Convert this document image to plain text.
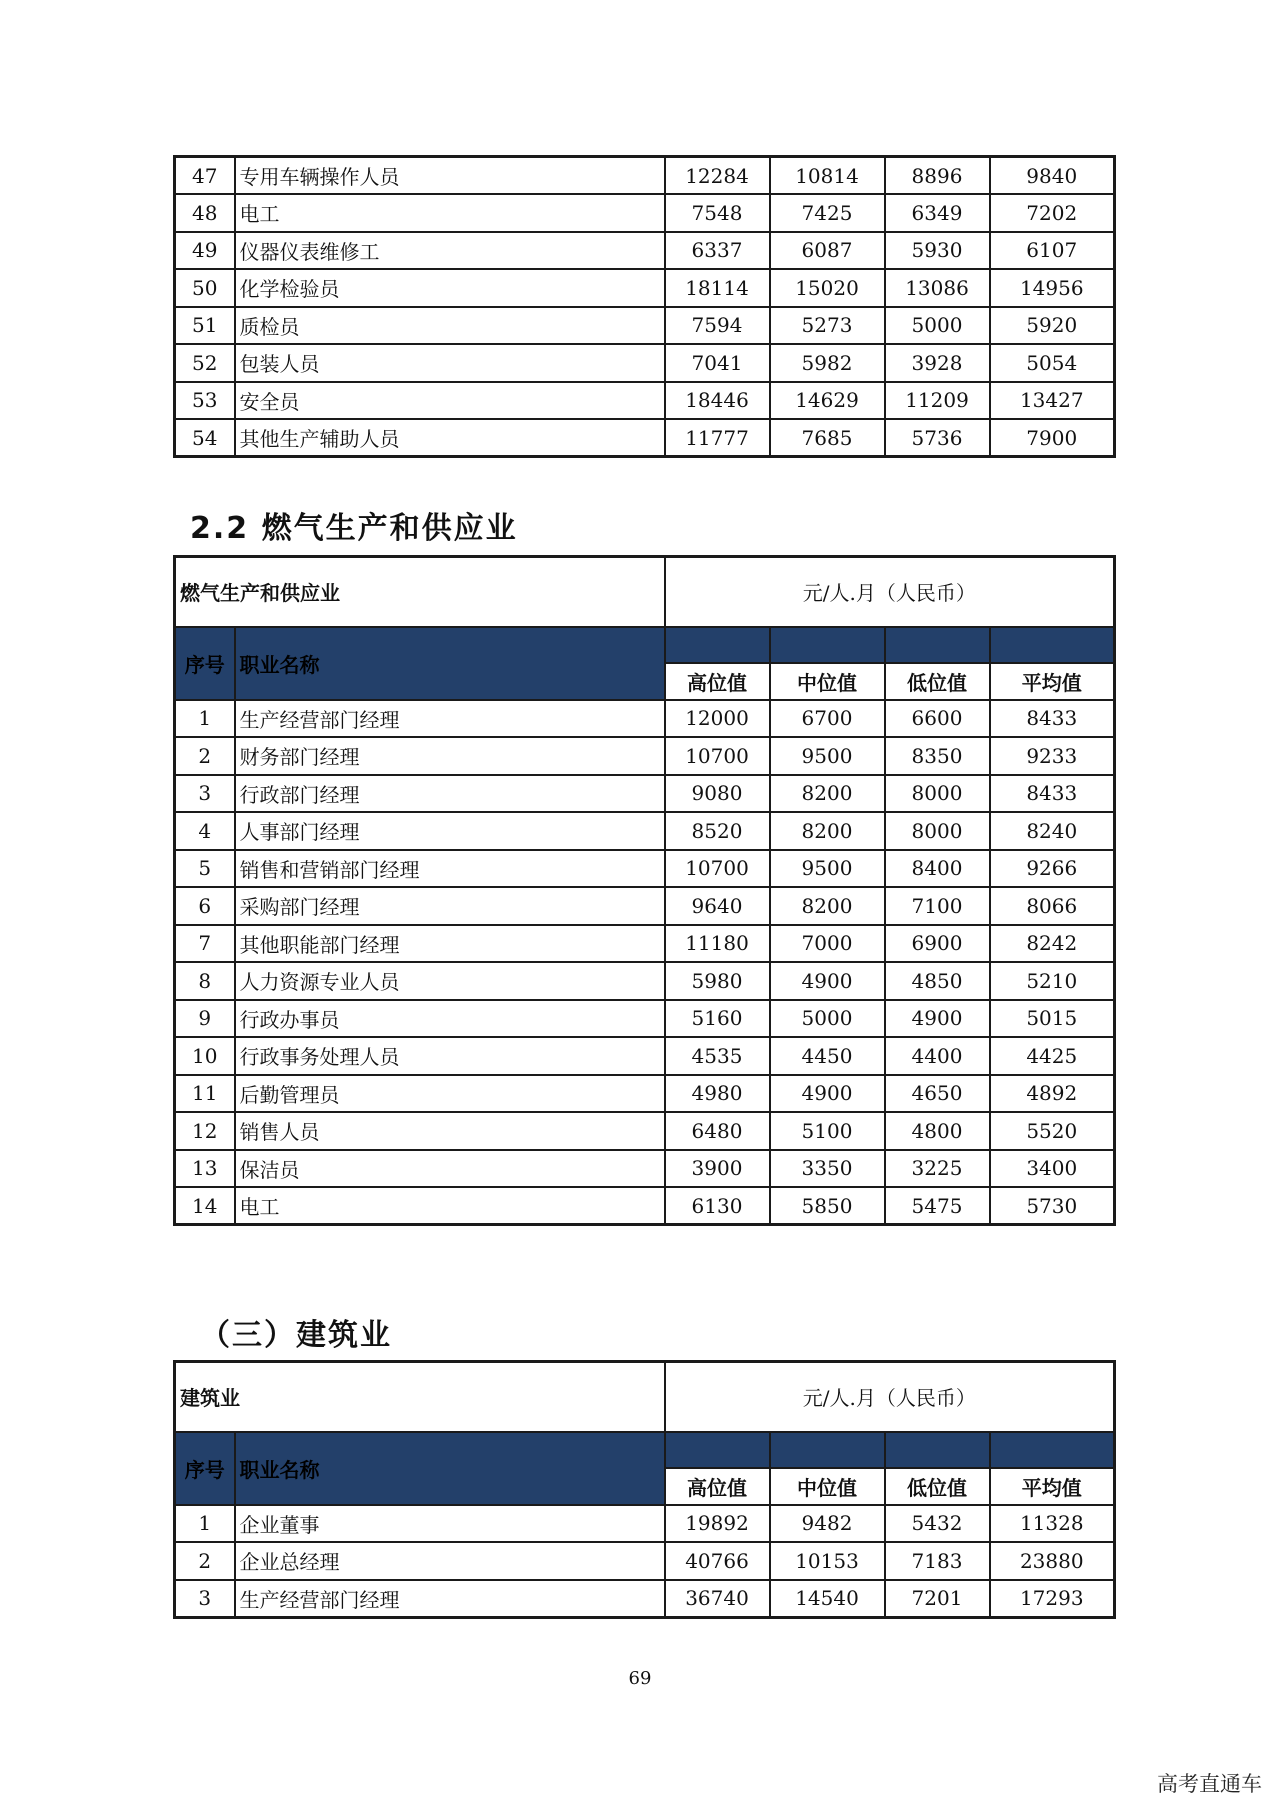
47	专用车辆操作人员	12284	10814	8896	9840
48	电工	7548	7425	6349	7202
49	仪器仪表维修工	6337	6087	5930	6107
50	化学检验员	18114	15020	13086	14956
51	质检员	7594	5273	5000	5920
52	包装人员	7041	5982	3928	5054
53	安全员	18446	14629	11209	13427
54	其他生产辅助人员	11777	7685	5736	7900
2.2 燃气生产和供应业
燃气生产和供应业		元/人.月（人民币）			
序号	职业名称				
		高位值	中位值	低位值	平均值
1	生产经营部门经理	12000	6700	6600	8433
2	财务部门经理	10700	9500	8350	9233
3	行政部门经理	9080	8200	8000	8433
4	人事部门经理	8520	8200	8000	8240
5	销售和营销部门经理	10700	9500	8400	9266
6	采购部门经理	9640	8200	7100	8066
7	其他职能部门经理	11180	7000	6900	8242
8	人力资源专业人员	5980	4900	4850	5210
9	行政办事员	5160	5000	4900	5015
10	行政事务处理人员	4535	4450	4400	4425
11	后勤管理员	4980	4900	4650	4892
12	销售人员	6480	5100	4800	5520
13	保洁员	3900	3350	3225	3400
14	电工	6130	5850	5475	5730
（三）建筑业
建筑业		元/人.月（人民币）			
序号	职业名称				
		高位值	中位值	低位值	平均值
1	企业董事	19892	9482	5432	11328
2	企业总经理	40766	10153	7183	23880
3	生产经营部门经理	36740	14540	7201	17293
69
高考直通车
